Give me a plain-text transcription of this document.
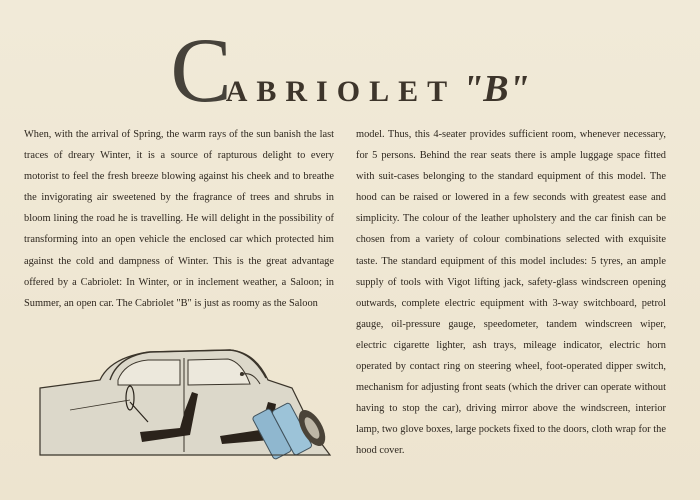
CABRIOLET "B"

When, with the arrival of Spring, the warm rays of the sun banish the last traces of dreary Winter, it is a source of rapturous delight to every motorist to feel the fresh breeze blowing against his cheek and to breathe the invigorating air sweetened by the fragrance of trees and shrubs in bloom lining the road he is travelling. He will delight in the possibility of transforming into an open vehicle the enclosed car which protected him against the cold and dampness of Winter. This is the great advantage offered by a Cabriolet: In Winter, or in inclement weather, a Saloon; in Summer, an open car. The Cabriolet "B" is just as roomy as the Saloon

model. Thus, this 4-seater provides sufficient room, whenever necessary, for 5 persons. Behind the rear seats there is ample luggage space fitted with suit-cases belonging to the standard equipment of this model. The hood can be raised or lowered in a few seconds with greatest ease and simplicity. The colour of the leather upholstery and the car finish can be chosen from a variety of colour combinations selected with exquisite taste. The standard equipment of this model includes: 5 tyres, an ample supply of tools with Vigot lifting jack, safety-glass windscreen opening outwards, complete electric equipment with 3-way switchboard, petrol gauge, oil-pressure gauge, speedometer, tandem windscreen wiper, electric cigarette lighter, ash trays, mileage indicator, electric horn operated by contact ring on steering wheel, foot-operated dipper switch, mechanism for adjusting front seats (which the driver can operate without having to stop the car), driving mirror above the windscreen, interior lamp, two glove boxes, large pockets fixed to the doors, cloth wrap for the hood cover.
